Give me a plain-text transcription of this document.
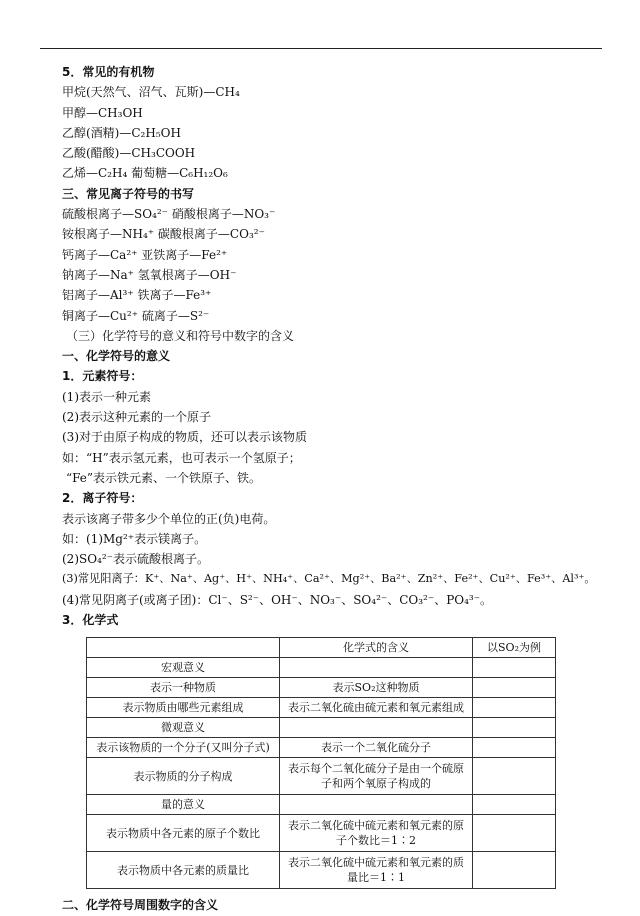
5．常见的有机物
甲烷(天然气、沼气、瓦斯)—CH₄
甲醇—CH₃OH
乙醇(酒精)—C₂H₅OH
乙酸(醋酸)—CH₃COOH
乙烯—C₂H₄ 葡萄糖—C₆H₁₂O₆
三、常见离子符号的书写
硫酸根离子—SO₄²⁻ 硝酸根离子—NO₃⁻
铵根离子—NH₄⁺ 碳酸根离子—CO₃²⁻
钙离子—Ca²⁺ 亚铁离子—Fe²⁺
钠离子—Na⁺ 氢氧根离子—OH⁻
铝离子—Al³⁺ 铁离子—Fe³⁺
铜离子—Cu²⁺ 硫离子—S²⁻
（三）化学符号的意义和符号中数字的含义
一、化学符号的意义
1．元素符号：
(1)表示一种元素
(2)表示这种元素的一个原子
(3)对于由原子构成的物质，还可以表示该物质
如：“H”表示氢元素，也可表示一个氢原子；
“Fe”表示铁元素、一个铁原子、铁。
2．离子符号：
表示该离子带多少个单位的正(负)电荷。
如：(1)Mg²⁺表示镁离子。
(2)SO₄²⁻表示硫酸根离子。
(3)常见阳离子：K⁺、Na⁺、Ag⁺、H⁺、NH₄⁺、Ca²⁺、Mg²⁺、Ba²⁺、Zn²⁺、Fe²⁺、Cu²⁺、Fe³⁺、Al³⁺。
(4)常见阴离子(或离子团)：Cl⁻、S²⁻、OH⁻、NO₃⁻、SO₄²⁻、CO₃²⁻、PO₄³⁻。
3．化学式
	化学式的含义	以SO₂为例
宏观意义		
表示一种物质	表示SO₂这种物质	
表示物质由哪些元素组成	表示二氧化硫由硫元素和氧元素组成	
微观意义		
表示该物质的一个分子(又叫分子式)	表示一个二氧化硫分子	
表示物质的分子构成	表示每个二氧化硫分子是由一个硫原子和两个氧原子构成的	
量的意义		
表示物质中各元素的原子个数比	表示二氧化硫中硫元素和氧元素的原子个数比＝1∶2	
表示物质中各元素的质量比	表示二氧化硫中硫元素和氧元素的质量比＝1∶1	
二、化学符号周围数字的含义
